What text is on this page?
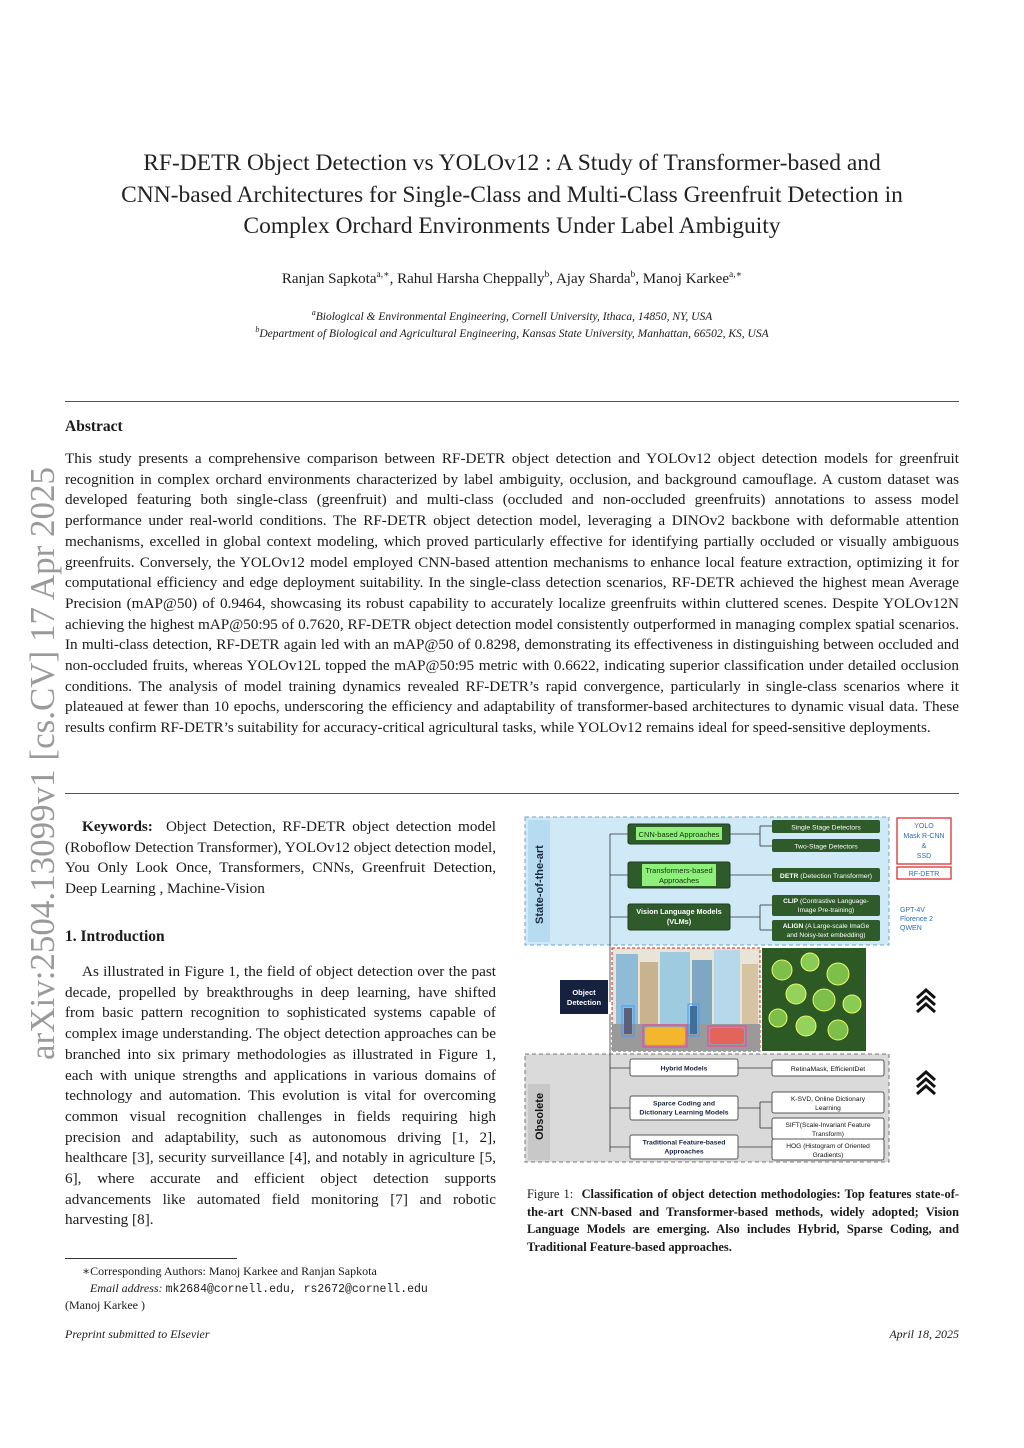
arXiv:2504.13099v1 [cs.CV] 17 Apr 2025
RF-DETR Object Detection vs YOLOv12 : A Study of Transformer-based and
CNN-based Architectures for Single-Class and Multi-Class Greenfruit Detection in
Complex Orchard Environments Under Label Ambiguity
Ranjan Sapkota$^{a,∗}$, Rahul Harsha Cheppally$^b$, Ajay Sharda$^b$, Manoj Karkee$^{a,∗}$
$^a$Biological & Environmental Engineering, Cornell University, Ithaca, 14850, NY, USA
$^b$Department of Biological and Agricultural Engineering, Kansas State University, Manhattan, 66502, KS, USA
Abstract
This study presents a comprehensive comparison between RF-DETR object detection and YOLOv12 object detection models for greenfruit recognition in complex orchard environments characterized by label ambiguity, occlusion, and background camouflage. A custom dataset was developed featuring both single-class (greenfruit) and multi-class (occluded and non-occluded greenfruits) annotations to assess model performance under real-world conditions. The RF-DETR object detection model, leveraging a DINOv2 backbone with deformable attention mechanisms, excelled in global context modeling, which proved particularly effective for identifying partially occluded or visually ambiguous greenfruits. Conversely, the YOLOv12 model employed CNN-based attention mechanisms to enhance local feature extraction, optimizing it for computational efficiency and edge deployment suitability. In the single-class detection scenarios, RF-DETR achieved the highest mean Average Precision (mAP@50) of 0.9464, showcasing its robust capability to accurately localize greenfruits within cluttered scenes. Despite YOLOv12N achieving the highest mAP@50:95 of 0.7620, RF-DETR object detection model consistently outperformed in managing complex spatial scenarios. In multi-class detection, RF-DETR again led with an mAP@50 of 0.8298, demonstrating its effectiveness in distinguishing between occluded and non-occluded fruits, whereas YOLOv12L topped the mAP@50:95 metric with 0.6622, indicating superior classification under detailed occlusion conditions. The analysis of model training dynamics revealed RF-DETR’s rapid convergence, particularly in single-class scenarios where it plateaued at fewer than 10 epochs, underscoring the efficiency and adaptability of transformer-based architectures to dynamic visual data. These results confirm RF-DETR’s suitability for accuracy-critical agricultural tasks, while YOLOv12 remains ideal for speed-sensitive deployments.
Keywords: Object Detection, RF-DETR object detection model (Roboflow Detection Transformer), YOLOv12 object detection model, You Only Look Once, Transformers, CNNs, Greenfruit Detection, Deep Learning , Machine-Vision
1. Introduction
As illustrated in Figure 1, the field of object detection over the past decade, propelled by breakthroughs in deep learning, have shifted from basic pattern recognition to sophisticated systems capable of complex image understanding. The object detection approaches can be branched into six primary methodologies as illustrated in Figure 1, each with unique strengths and applications in various domains of technology and automation. This evolution is vital for overcoming common visual recognition challenges in fields requiring high precision and adaptability, such as autonomous driving [1, 2], healthcare [3], security surveillance [4], and notably in agriculture [5, 6], where accurate and efficient object detection supports advancements like automated field monitoring [7] and robotic harvesting [8].
∗Corresponding Authors: Manoj Karkee and Ranjan Sapkota
Email address: mk2684@cornell.edu, rs2672@cornell.edu
(Manoj Karkee )
Preprint submitted to Elsevier	April 18, 2025
State-of-the-art
CNN-based Approaches
Transformers-based
Approaches
Vision Language Models
(VLMs)
Single Stage Detectors
Two-Stage Detectors
DETR (Detection Transformer)
CLIP (Contrastive Language-
Image Pre-training)
ALIGN (A Large-scale ImaGe
and Noisy-text embedding)
YOLO
Mask R-CNN
&
SSD
RF-DETR
GPT-4V
Florence 2
QWEN
Object
Detection
Obsolete
Hybrid Models
Sparce Coding and
Dictionary Learning Models
Traditional Feature-based
Approaches
RetinaMask, EfficientDet
K-SVD, Online Dictionary
Learning
SIFT(Scale-Invariant Feature
Transform)
HOG (Histogram of Oriented
Gradients)
Figure 1: Classification of object detection methodologies: Top features state-of-the-art CNN-based and Transformer-based methods, widely adopted; Vision Language Models are emerging. Also includes Hybrid, Sparse Coding, and Traditional Feature-based approaches.
